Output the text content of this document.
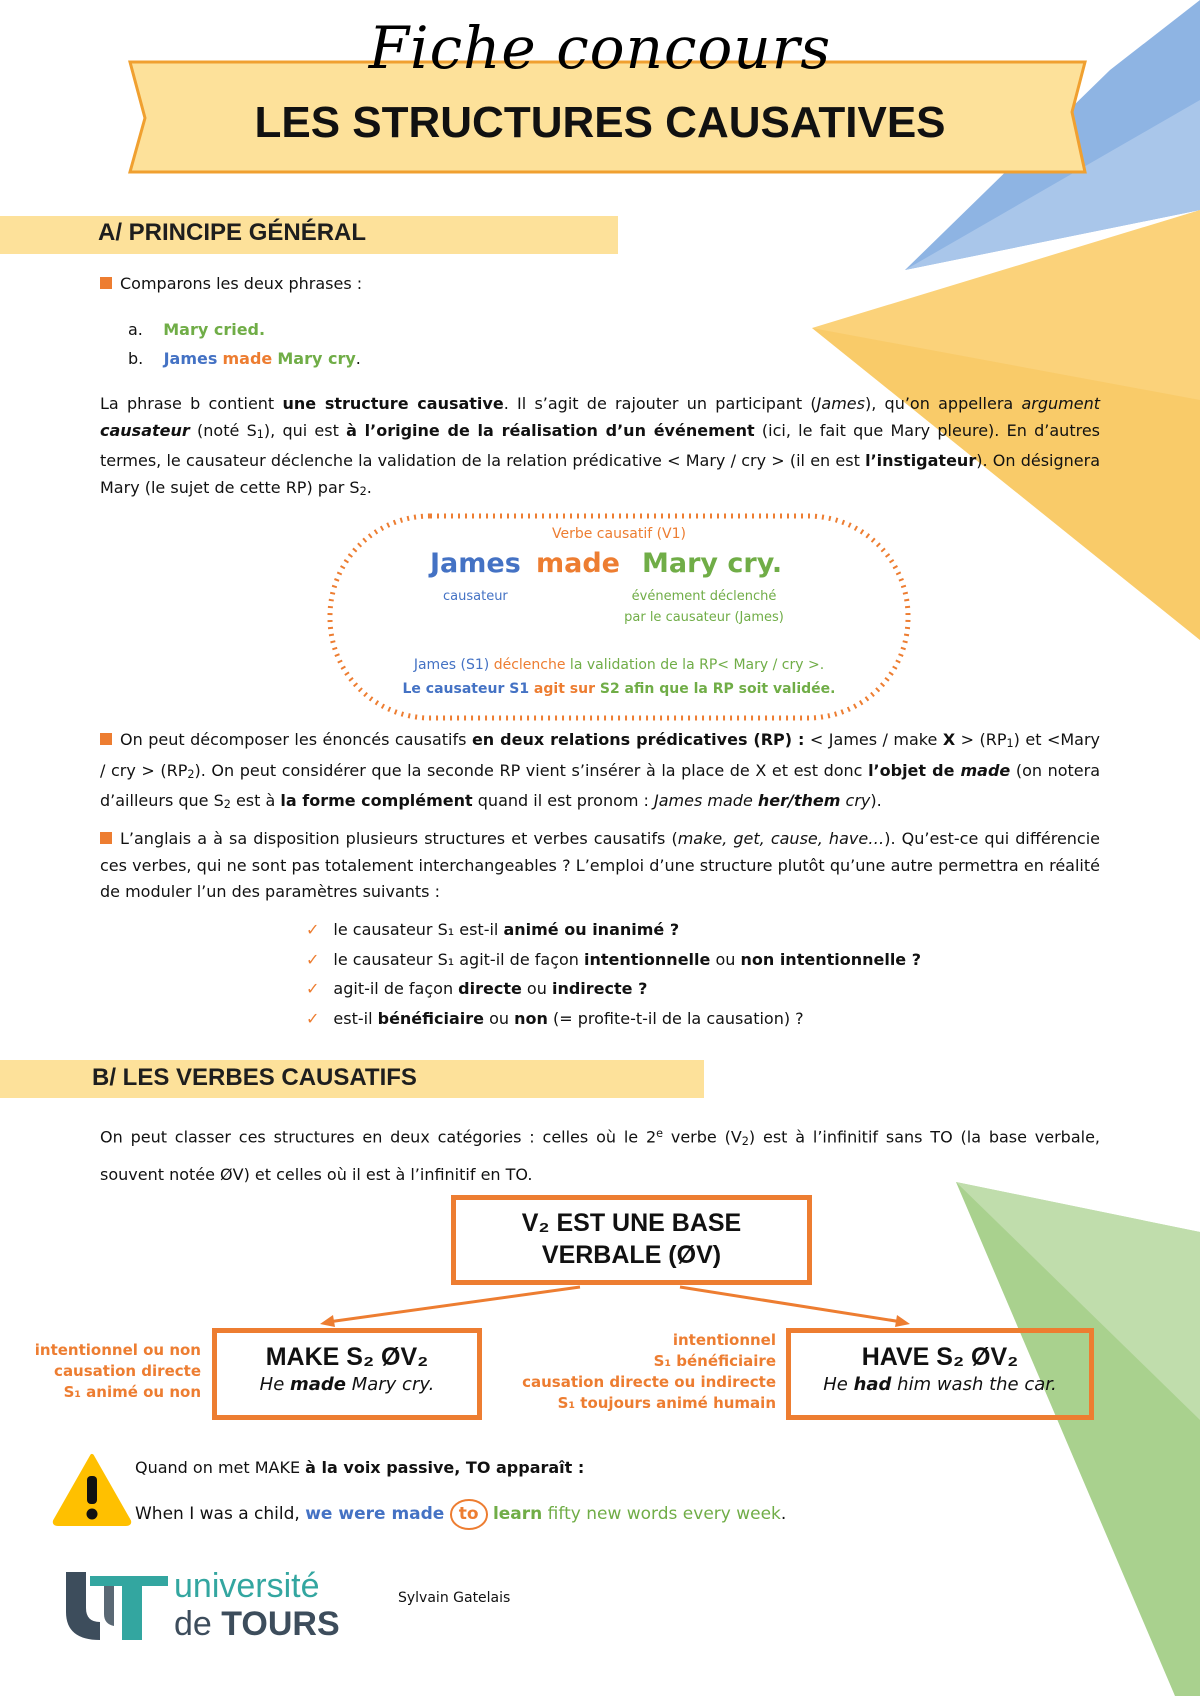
Fiche concours
LES STRUCTURES CAUSATIVES
A/ PRINCIPE GÉNÉRAL
Comparons les deux phrases :
a. Mary cried.
b. James made Mary cry.
La phrase b contient une structure causative. Il s’agit de rajouter un participant (James), qu’on appellera argument causateur (noté $S_1$), qui est à l’origine de la réalisation d’un événement (ici, le fait que Mary pleure). En d’autres termes, le causateur déclenche la validation de la relation prédicative < Mary / cry > (il en est l’instigateur). On désignera Mary (le sujet de cette RP) par $S_2$.
Verbe causatif (V1)
James made Mary cry.
causateur	événement déclenché
par le causateur (James)
James (S1) déclenche la validation de la RP< Mary / cry >.
Le causateur S1 agit sur S2 afin que la RP soit validée.
On peut décomposer les énoncés causatifs en deux relations prédicatives (RP) : < James / make $X > (RP_1)$ et <Mary / cry > $(RP_2)$. On peut considérer que la seconde RP vient s’insérer à la place de X et est donc l’objet de made (on notera d’ailleurs que $S_2$ est à la forme complément quand il est pronom : James made her/them cry).
L’anglais a à sa disposition plusieurs structures et verbes causatifs (make, get, cause, have…). Qu’est-ce qui différencie ces verbes, qui ne sont pas totalement interchangeables ? L’emploi d’une structure plutôt qu’une autre permettra en réalité de moduler l’un des paramètres suivants :
✓ le causateur S₁ est-il animé ou inanimé ?
✓ le causateur S₁ agit-il de façon intentionnelle ou non intentionnelle ?
✓ agit-il de façon directe ou indirecte ?
✓ est-il bénéficiaire ou non (= profite-t-il de la causation) ?
B/ LES VERBES CAUSATIFS
On peut classer ces structures en deux catégories : celles où le 2e verbe $(V_2)$ est à l’infinitif sans TO (la base verbale, souvent notée ØV) et celles où il est à l’infinitif en TO.
V₂ EST UNE BASE
VERBALE (ØV)
MAKE S₂ ØV₂
He made Mary cry.
intentionnel ou non
causation directe
S₁ animé ou non
HAVE S₂ ØV₂
He had him wash the car.
intentionnel
S₁ bénéficiaire
causation directe ou indirecte
S₁ toujours animé humain
Quand on met MAKE à la voix passive, TO apparaît :
When I was a child, we were made to learn fifty new words every week.
université
de TOURS
Sylvain Gatelais
